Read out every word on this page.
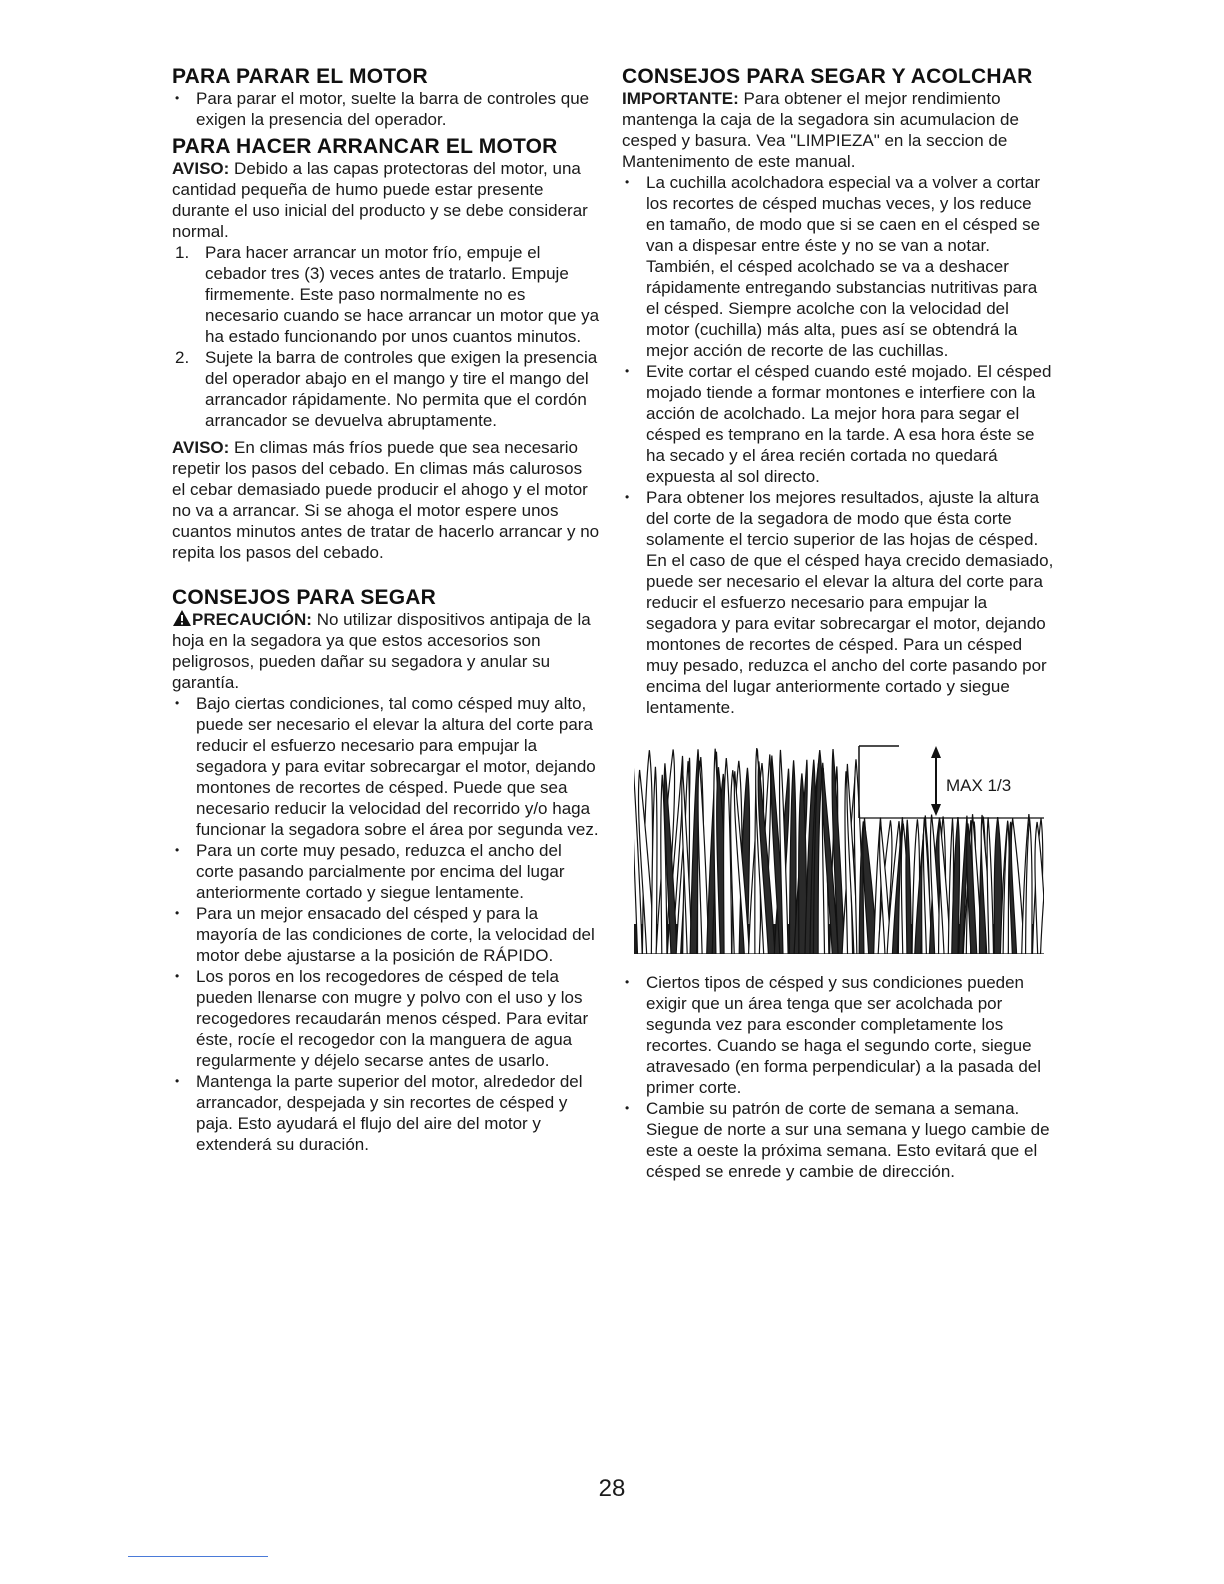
PARA PARAR EL MOTOR
• Para parar el motor, suelte la barra de controles que exigen la presencia del operador.
PARA HACER ARRANCAR EL MOTOR

AVISO: Debido a las capas protectoras del motor, una cantidad pequeña de humo puede estar presente durante el uso inicial del producto y se debe considerar normal.

1. Para hacer arrancar un motor frío, empuje el cebador tres (3) veces antes de tratarlo. Empuje firmemente. Este paso normalmente no es necesario cuando se hace arrancar un motor que ya ha estado funcionando por unos cuantos minutos.
2. Sujete la barra de controles que exigen la presencia del operador abajo en el mango y tire el mango del arrancador rápidamente. No permita que el cordón arrancador se devuelva abruptamente.

AVISO: En climas más fríos puede que sea necesario repetir los pasos del cebado. En climas más calurosos el cebar demasiado puede producir el ahogo y el motor no va a arrancar. Si se ahoga el motor espere unos cuantos minutos antes de tratar de hacerlo arrancar y no repita los pasos del cebado.

CONSEJOS PARA SEGAR

PRECAUCIÓN: No utilizar dispositivos antipaja de la hoja en la segadora ya que estos accesorios son peligrosos, pueden dañar su segadora y anular su garantía.

• Bajo ciertas condiciones, tal como césped muy alto, puede ser necesario el elevar la altura del corte para reducir el esfuerzo necesario para empujar la segadora y para evitar sobrecargar el motor, dejando montones de recortes de césped. Puede que sea necesario reducir la velocidad del recorrido y/o haga funcionar la segadora sobre el área por segunda vez.
• Para un corte muy pesado, reduzca el ancho del corte pasando parcialmente por encima del lugar anteriormente cortado y siegue lentamente.
• Para un mejor ensacado del césped y para la mayoría de las condiciones de corte, la velocidad del motor debe ajustarse a la posición de RÁPIDO.
• Los poros en los recogedores de césped de tela pueden llenarse con mugre y polvo con el uso y los recogedores recaudarán menos césped. Para evitar éste, rocíe el recogedor con la manguera de agua regularmente y déjelo secarse antes de usarlo.
• Mantenga la parte superior del motor, alrededor del arrancador, despejada y sin recortes de césped y paja. Esto ayudará el flujo del aire del motor y extenderá su duración.
CONSEJOS PARA SEGAR Y ACOLCHAR

IMPORTANTE: Para obtener el mejor rendimiento mantenga la caja de la segadora sin acumulacion de cesped y basura. Vea "LIMPIEZA" en la seccion de Mantenimento de este manual.

• La cuchilla acolchadora especial va a volver a cortar los recortes de césped muchas veces, y los reduce en tamaño, de modo que si se caen en el césped se van a dispesar entre éste y no se van a notar. También, el césped acolchado se va a deshacer rápidamente entregando substancias nutritivas para el césped. Siempre acolche con la velocidad del motor (cuchilla) más alta, pues así se obtendrá la mejor acción de recorte de las cuchillas.
• Evite cortar el césped cuando esté mojado. El césped mojado tiende a formar montones e interfiere con la acción de acolchado. La mejor hora para segar el césped es temprano en la tarde. A esa hora éste se ha secado y el área recién cortada no quedará expuesta al sol directo.
• Para obtener los mejores resultados, ajuste la altura del corte de la segadora de modo que ésta corte solamente el tercio superior de las hojas de césped. En el caso de que el césped haya crecido demasiado, puede ser necesario el elevar la altura del corte para reducir el esfuerzo necesario para empujar la segadora y para evitar sobrecargar el motor, dejando montones de recortes de césped. Para un césped muy pesado, reduzca el ancho del corte pasando por encima del lugar anteriormente cortado y siegue lentamente.
MAX 1/3
• Ciertos tipos de césped y sus condiciones pueden exigir que un área tenga que ser acolchada por segunda vez para esconder completamente los recortes. Cuando se haga el segundo corte, siegue atravesado (en forma perpendicular) a la pasada del primer corte.
• Cambie su patrón de corte de semana a semana. Siegue de norte a sur una semana y luego cambie de este a oeste la próxima semana. Esto evitará que el césped se enrede y cambie de dirección.
28
